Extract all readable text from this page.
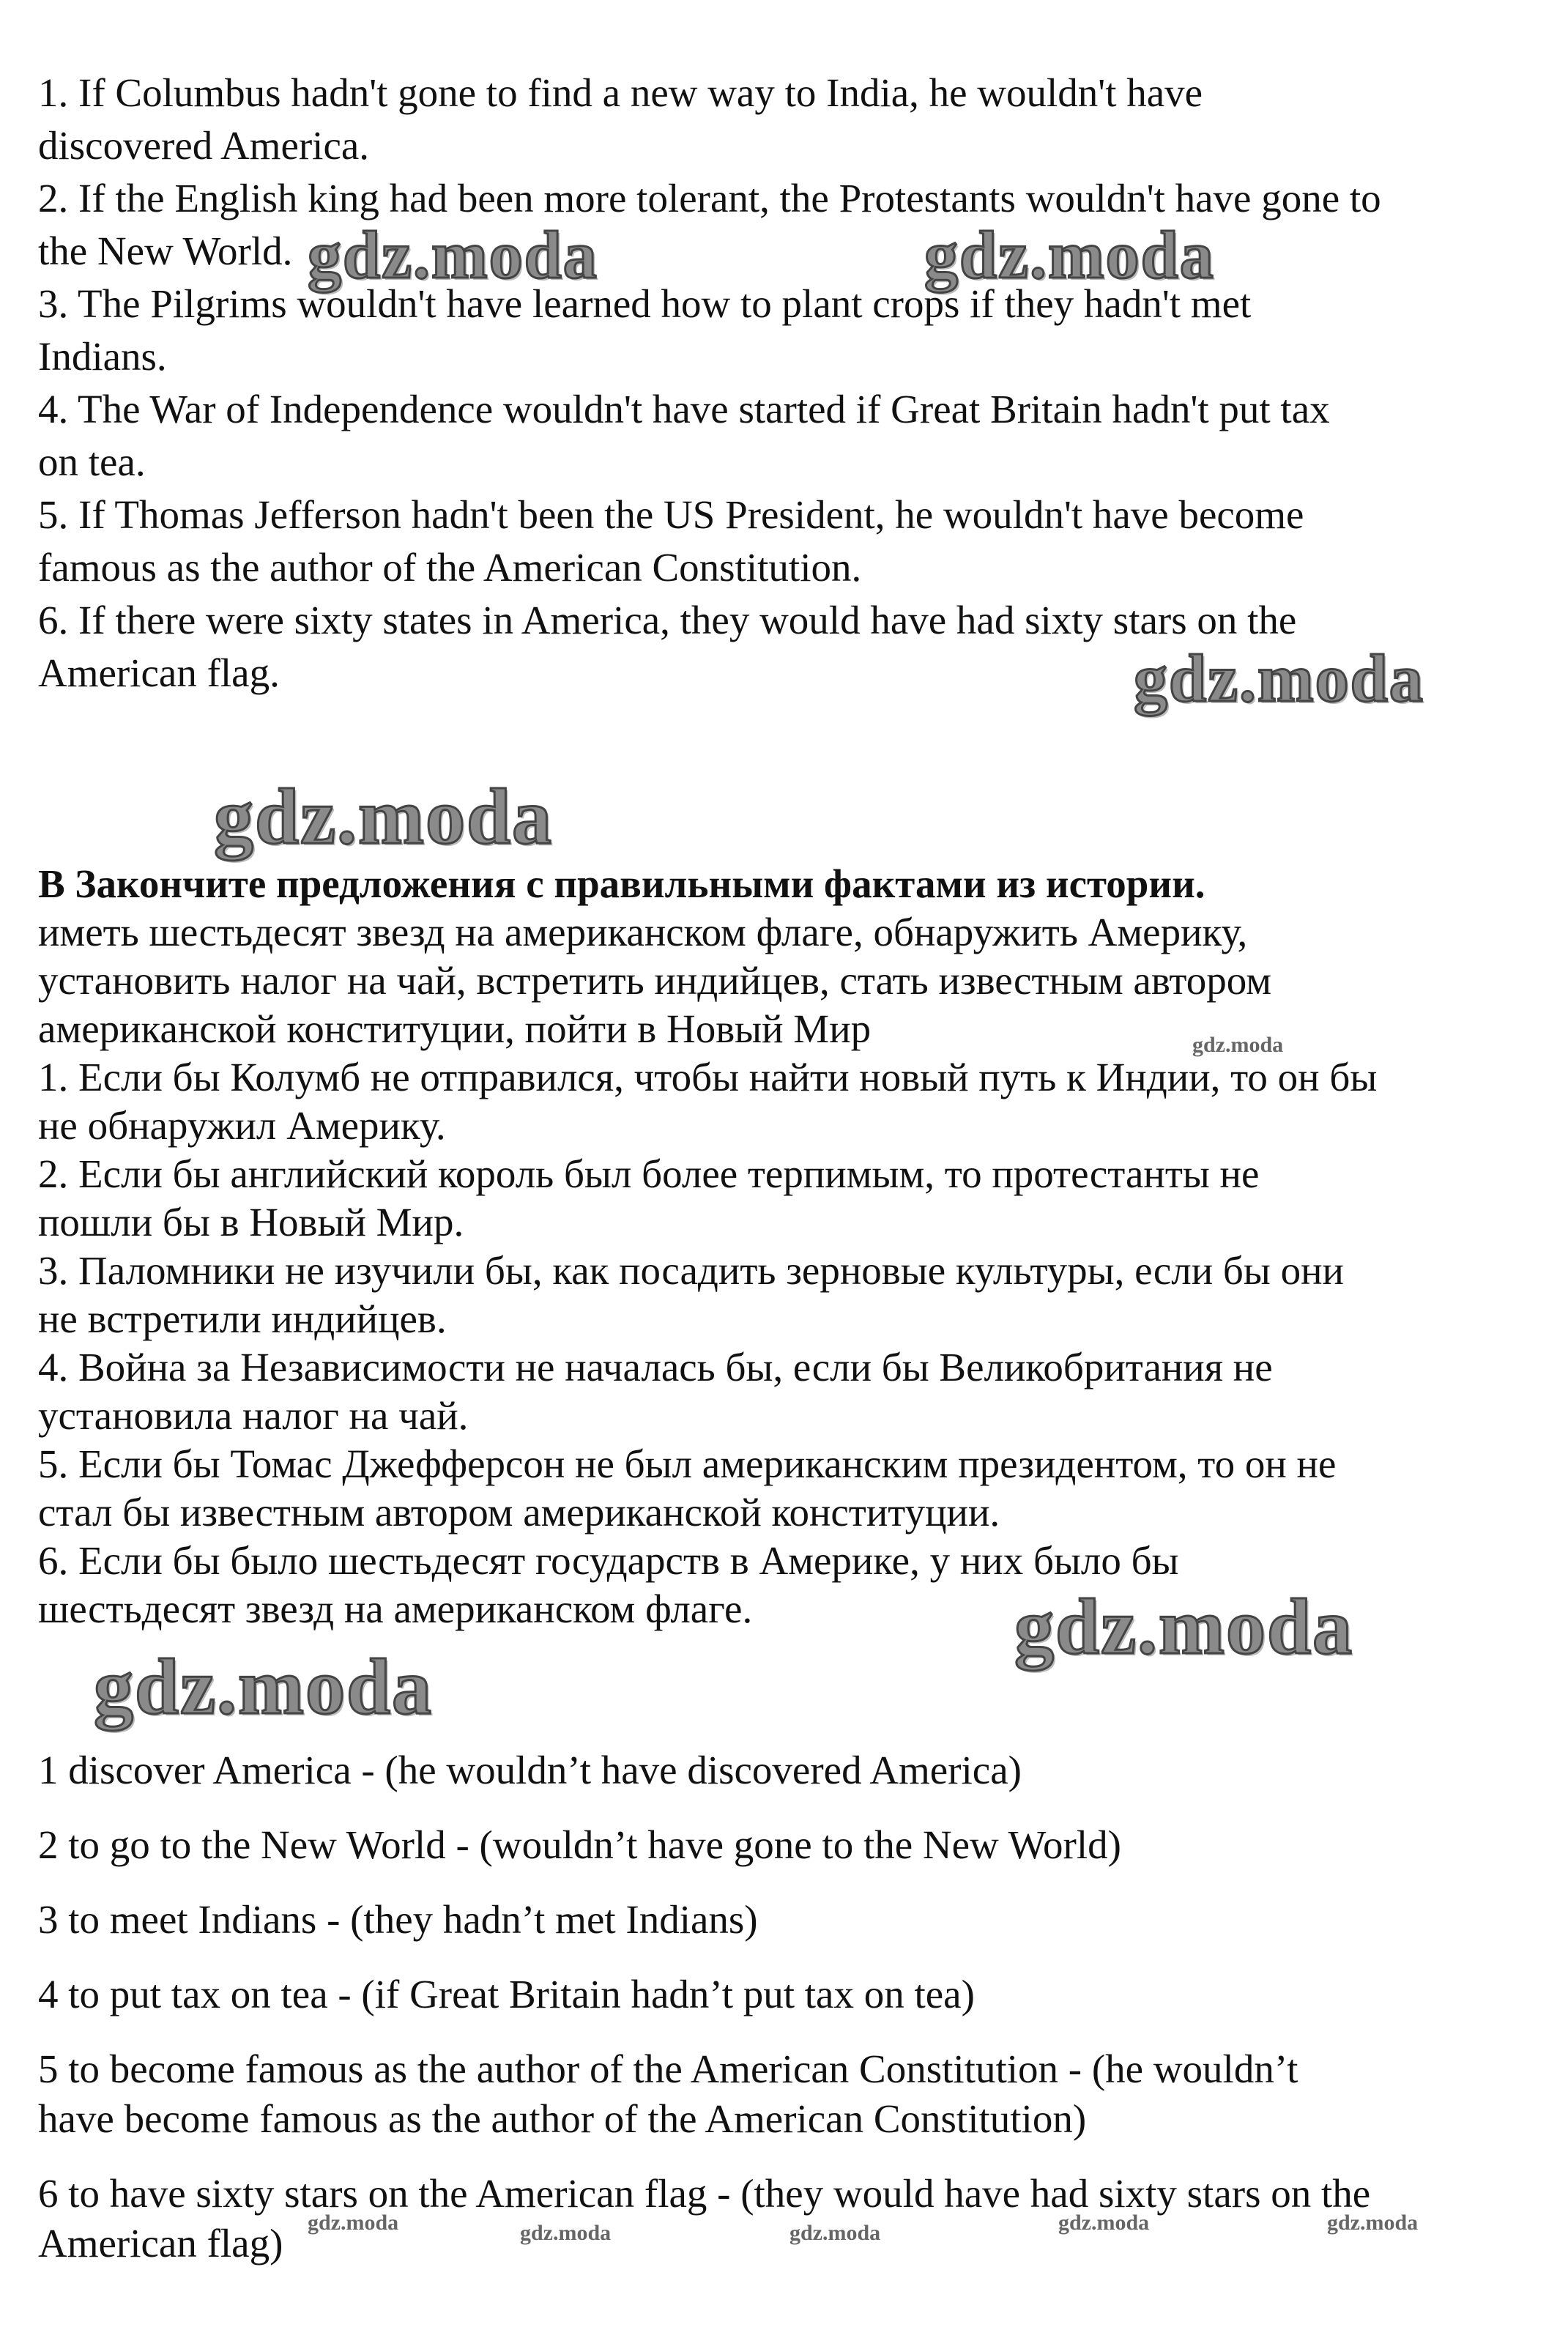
1. If Columbus hadn't gone to find a new way to India, he wouldn't have
discovered America.
2. If the English king had been more tolerant, the Protestants wouldn't have gone to
the New World.
3. The Pilgrims wouldn't have learned how to plant crops if they hadn't met
Indians.
4. The War of Independence wouldn't have started if Great Britain hadn't put tax
on tea.
5. If Thomas Jefferson hadn't been the US President, he wouldn't have become
famous as the author of the American Constitution.
6. If there were sixty states in America, they would have had sixty stars on the
American flag.
B Закончите предложения с правильными фактами из истории.
иметь шестьдесят звезд на американском флаге, обнаружить Америку,
установить налог на чай, встретить индийцев, стать известным автором
американской конституции, пойти в Новый Мир
1. Если бы Колумб не отправился, чтобы найти новый путь к Индии, то он бы
не обнаружил Америку.
2. Если бы английский король был более терпимым, то протестанты не
пошли бы в Новый Мир.
3. Паломники не изучили бы, как посадить зерновые культуры, если бы они
не встретили индийцев.
4. Война за Независимости не началась бы, если бы Великобритания не
установила налог на чай.
5. Если бы Томас Джефферсон не был американским президентом, то он не
стал бы известным автором американской конституции.
6. Если бы было шестьдесят государств в Америке, у них было бы
шестьдесят звезд на американском флаге.
1 discover America - (he wouldn’t have discovered America)
2 to go to the New World - (wouldn’t have gone to the New World)
3 to meet Indians - (they hadn’t met Indians)
4 to put tax on tea - (if Great Britain hadn’t put tax on tea)
5 to become famous as the author of the American Constitution - (he wouldn’t
have become famous as the author of the American Constitution)
6 to have sixty stars on the American flag - (they would have had sixty stars on the
American flag)
gdz.moda	gdz.moda
gdz.moda
gdz.moda
gdz.moda
gdz.moda
gdz.moda
gdz.moda	gdz.moda	gdz.moda	gdz.moda	gdz.moda
